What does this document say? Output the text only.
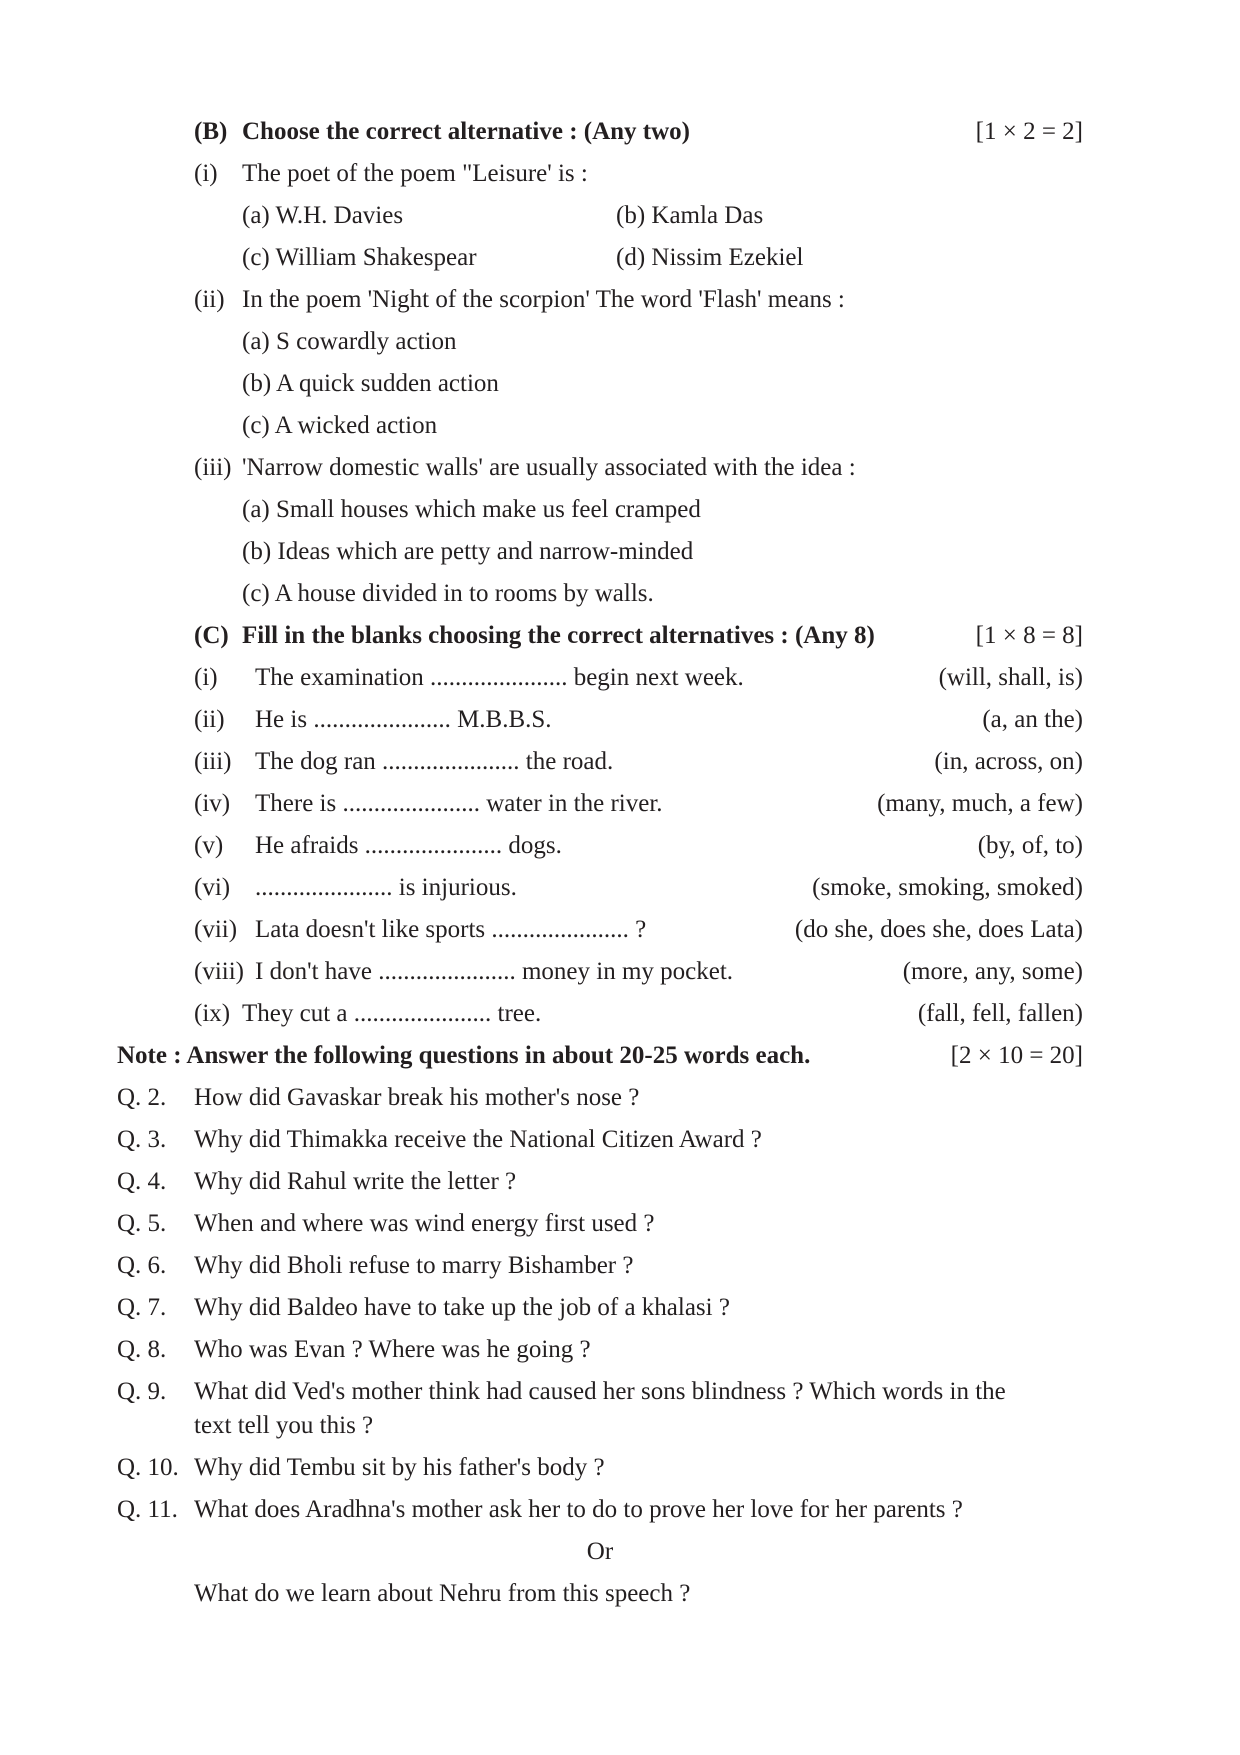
(B) Choose the correct alternative : (Any two)	[1 × 2 = 2]
(i) The poet of the poem "Leisure' is :
(a) W.H. Davies	(b) Kamla Das
(c) William Shakespear	(d) Nissim Ezekiel
(ii) In the poem 'Night of the scorpion' The word 'Flash' means :
(a) S cowardly action
(b) A quick sudden action
(c) A wicked action
(iii) 'Narrow domestic walls' are usually associated with the idea :
(a) Small houses which make us feel cramped
(b) Ideas which are petty and narrow-minded
(c) A house divided in to rooms by walls.
(C) Fill in the blanks choosing the correct alternatives : (Any 8)	[1 × 8 = 8]
(i) The examination ...................... begin next week.	(will, shall, is)
(ii) He is ...................... M.B.B.S.	(a, an the)
(iii) The dog ran ...................... the road.	(in, across, on)
(iv) There is ...................... water in the river.	(many, much, a few)
(v) He afraids ...................... dogs.	(by, of, to)
(vi) ...................... is injurious.	(smoke, smoking, smoked)
(vii) Lata doesn't like sports ...................... ?	(do she, does she, does Lata)
(viii) I don't have ...................... money in my pocket.	(more, any, some)
(ix) They cut a ...................... tree.	(fall, fell, fallen)
Note : Answer the following questions in about 20-25 words each.	[2 × 10 = 20]
Q. 2. How did Gavaskar break his mother's nose ?
Q. 3. Why did Thimakka receive the National Citizen Award ?
Q. 4. Why did Rahul write the letter ?
Q. 5. When and where was wind energy first used ?
Q. 6. Why did Bholi refuse to marry Bishamber ?
Q. 7. Why did Baldeo have to take up the job of a khalasi ?
Q. 8. Who was Evan ? Where was he going ?
Q. 9. What did Ved's mother think had caused her sons blindness ? Which words in the
text tell you this ?
Q. 10. Why did Tembu sit by his father's body ?
Q. 11. What does Aradhna's mother ask her to do to prove her love for her parents ?
Or
What do we learn about Nehru from this speech ?
